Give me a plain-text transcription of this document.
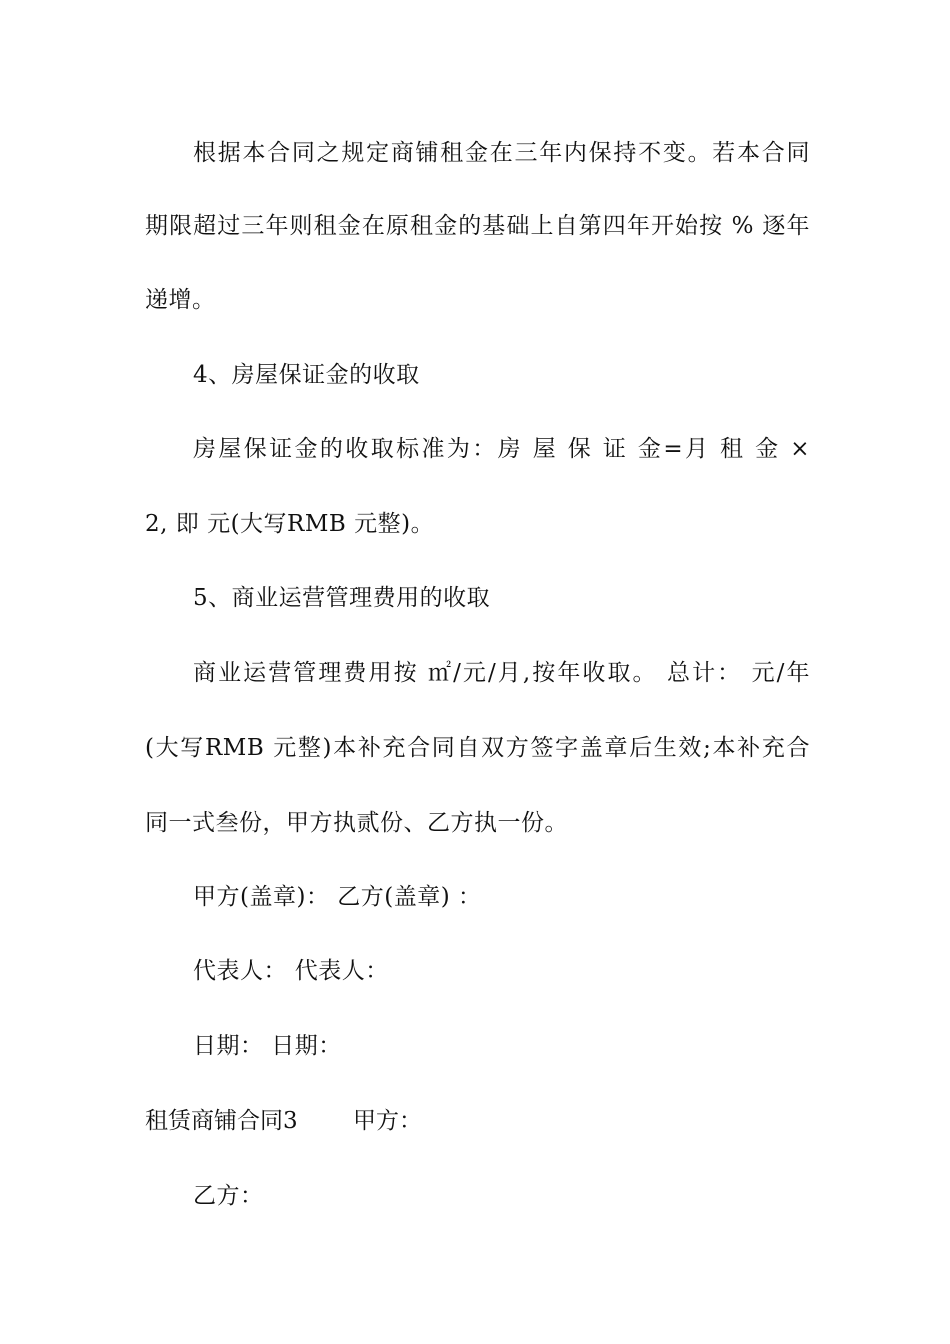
根据本合同之规定商铺租金在三年内保持不变。若本合同
期限超过三年则租金在原租金的基础上自第四年开始按 % 逐年
递增。
4、房屋保证金的收取
房屋保证金的收取标准为：房 屋 保 证 金=月 租 金 ×
2, 即 元(大写RMB 元整)。
5、商业运营管理费用的收取
商业运营管理费用按 ㎡/元/月,按年收取。 总计： 元/年
(大写RMB 元整)本补充合同自双方签字盖章后生效;本补充合
同一式叁份，甲方执贰份、乙方执一份。
甲方(盖章)： 乙方(盖章) ：
代表人： 代表人：
日期： 日期：
租赁商铺合同3 甲方：
乙方：
